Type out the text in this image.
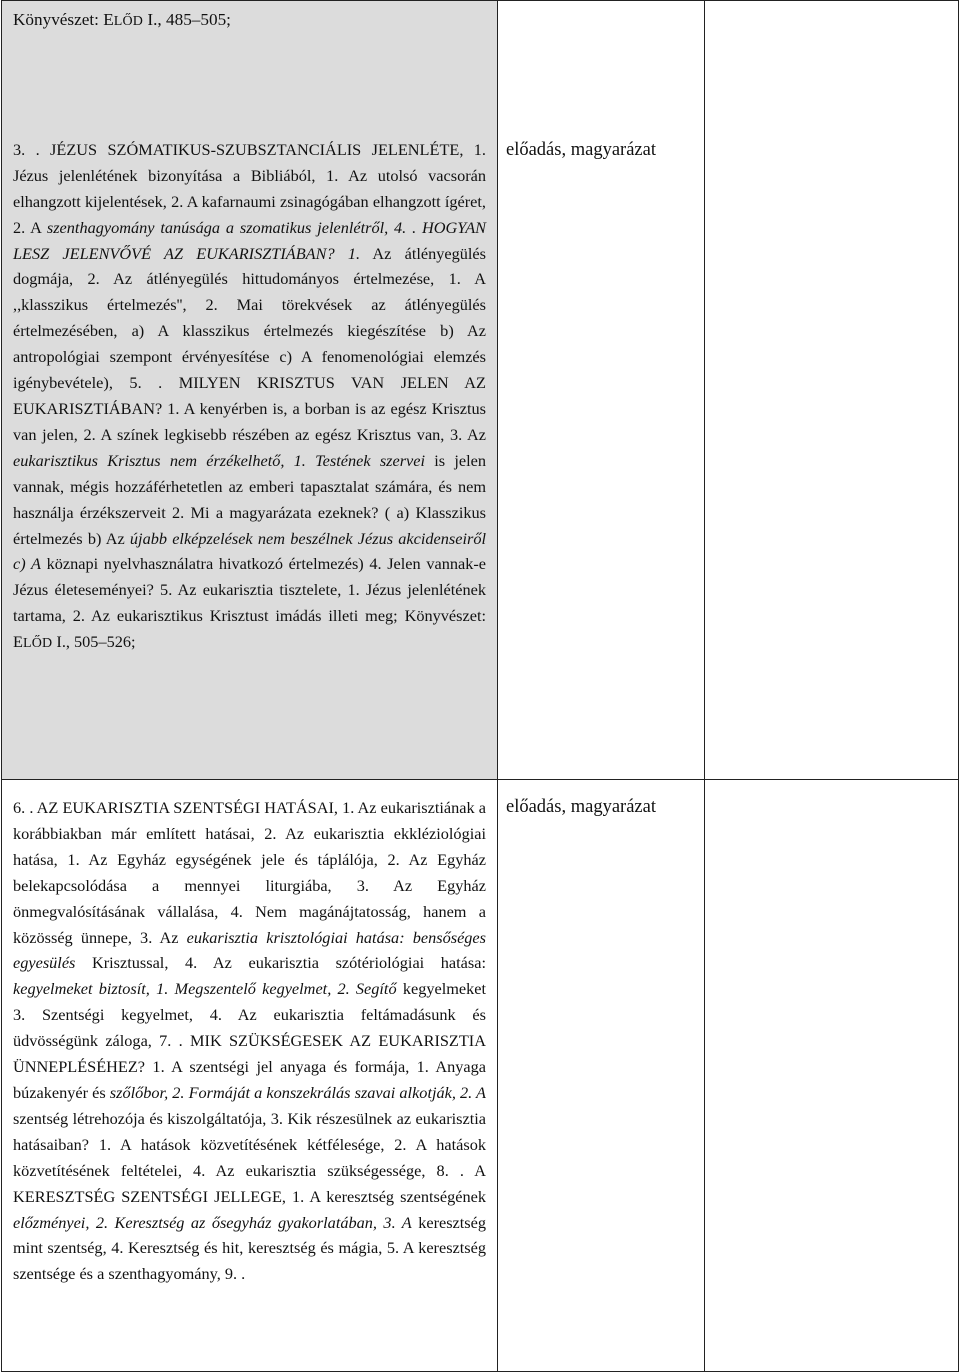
Könyvészet: ELŐD I., 485–505;

3. . JÉZUS SZÓMATIKUS-SZUBSZTANCIÁLIS JELENLÉTE, 1. Jézus jelenlétének bizonyítása a Bibliából, 1. Az utolsó vacsorán elhangzott kijelentések, 2. A kafarnaumi zsinagógában elhangzott ígéret, 2. A szenthagyomány tanúsága a szomatikus jelenlétről, 4. . HOGYAN LESZ JELENVŐVÉ AZ EUKARISZTIÁBAN? 1. Az átlényegülés dogmája, 2. Az átlényegülés hittudományos értelmezése, 1. A ,,klasszikus értelmezés'', 2. Mai törekvések az átlényegülés értelmezésében, a) A klasszikus értelmezés kiegészítése b) Az antropológiai szempont érvényesítése c) A fenomenológiai elemzés igénybevétele), 5. . MILYEN KRISZTUS VAN JELEN AZ EUKARISZTIÁBAN? 1. A kenyérben is, a borban is az egész Krisztus van jelen, 2. A színek legkisebb részében az egész Krisztus van, 3. Az eukarisztikus Krisztus nem érzékelhető, 1. Testének szervei is jelen vannak, mégis hozzáférhetetlen az emberi tapasztalat számára, és nem használja érzékszerveit 2. Mi a magyarázata ezeknek? ( a) Klasszikus értelmezés b) Az újabb elképzelések nem beszélnek Jézus akcidenseiről c) A köznapi nyelvhasználatra hivatkozó értelmezés) 4. Jelen vannak-e Jézus életeseményei? 5. Az eukarisztia tisztelete, 1. Jézus jelenlétének tartama, 2. Az eukarisztikus Krisztust imádás illeti meg; Könyvészet: ELŐD I., 505–526;	előadás, magyarázat	

6. . AZ EUKARISZTIA SZENTSÉGI HATÁSAI, 1. Az eukarisztiának a korábbiakban már említett hatásai, 2. Az eukarisztia ekkléziológiai hatása, 1. Az Egyház egységének jele és táplálója, 2. Az Egyház belekapcsolódása a mennyei liturgiába, 3. Az Egyház önmegvalósításának vállalása, 4. Nem magánájtatosság, hanem a közösség ünnepe, 3. Az eukarisztia krisztológiai hatása: bensőséges egyesülés Krisztussal, 4. Az eukarisztia szótériológiai hatása: kegyelmeket biztosít, 1. Megszentelő kegyelmet, 2. Segítő kegyelmeket 3. Szentségi kegyelmet, 4. Az eukarisztia feltámadásunk és üdvösségünk záloga, 7. . MIK SZÜKSÉGESEK AZ EUKARISZTIA ÜNNEPLÉSÉHEZ? 1. A szentségi jel anyaga és formája, 1. Anyaga búzakenyér és szőlőbor, 2. Formáját a konszekrálás szavai alkotják, 2. A szentség létrehozója és kiszolgáltatója, 3. Kik részesülnek az eukarisztia hatásaiban? 1. A hatások közvetítésének kétfélesége, 2. A hatások közvetítésének feltételei, 4. Az eukarisztia szükségessége, 8. . A KERESZTSÉG SZENTSÉGI JELLEGE, 1. A keresztség szentségének előzményei, 2. Keresztség az ősegyház gyakorlatában, 3. A keresztség mint szentség, 4. Keresztség és hit, keresztség és mágia, 5. A keresztség szentsége és a szenthagyomány, 9. .	előadás, magyarázat	
